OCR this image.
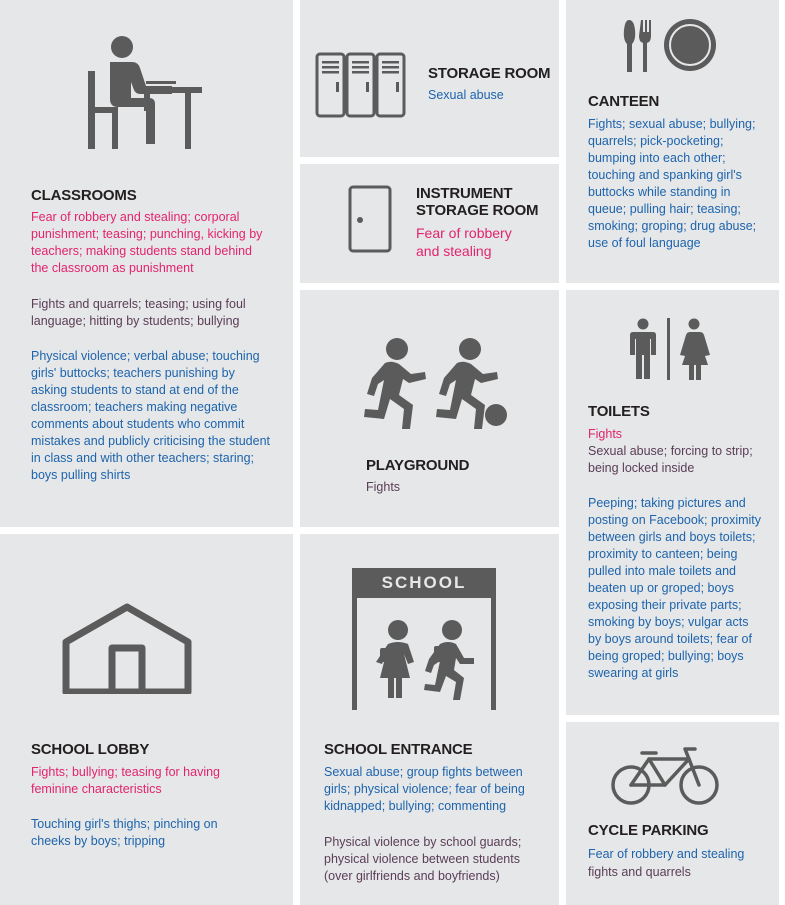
SCHOOL
CLASSROOMS
Fear of robbery and stealing; corporal punishment; teasing; punching, kicking by teachers; making students stand behind the classroom as punishment
Fights and quarrels; teasing; using foul language; hitting by students; bullying
Physical violence; verbal abuse; touching girls' buttocks; teachers punishing by asking students to stand at end of the classroom; teachers making negative comments about students who commit mistakes and publicly criticising the student in class and with other teachers; staring; boys pulling shirts
STORAGE ROOM
Sexual abuse
INSTRUMENT
STORAGE ROOM
Fear of robbery and stealing
CANTEEN
Fights; sexual abuse; bullying; quarrels; pick-pocketing; bumping into each other; touching and spanking girl's buttocks while standing in queue; pulling hair; teasing; smoking; groping; drug abuse; use of foul language
PLAYGROUND
Fights
TOILETS
Fights
Sexual abuse; forcing to strip; being locked inside
Peeping; taking pictures and posting on Facebook; proximity between girls and boys toilets; proximity to canteen; being pulled into male toilets and beaten up or groped; boys exposing their private parts; smoking by boys; vulgar acts by boys around toilets; fear of being groped; bullying; boys swearing at girls
SCHOOL LOBBY
Fights; bullying; teasing for having feminine characteristics
Touching girl's thighs; pinching on cheeks by boys; tripping
SCHOOL ENTRANCE
Sexual abuse; group fights between girls; physical violence; fear of being kidnapped; bullying; commenting
Physical violence by school guards; physical violence between students (over girlfriends and boyfriends)
CYCLE PARKING
Fear of robbery and stealing
fights and quarrels
